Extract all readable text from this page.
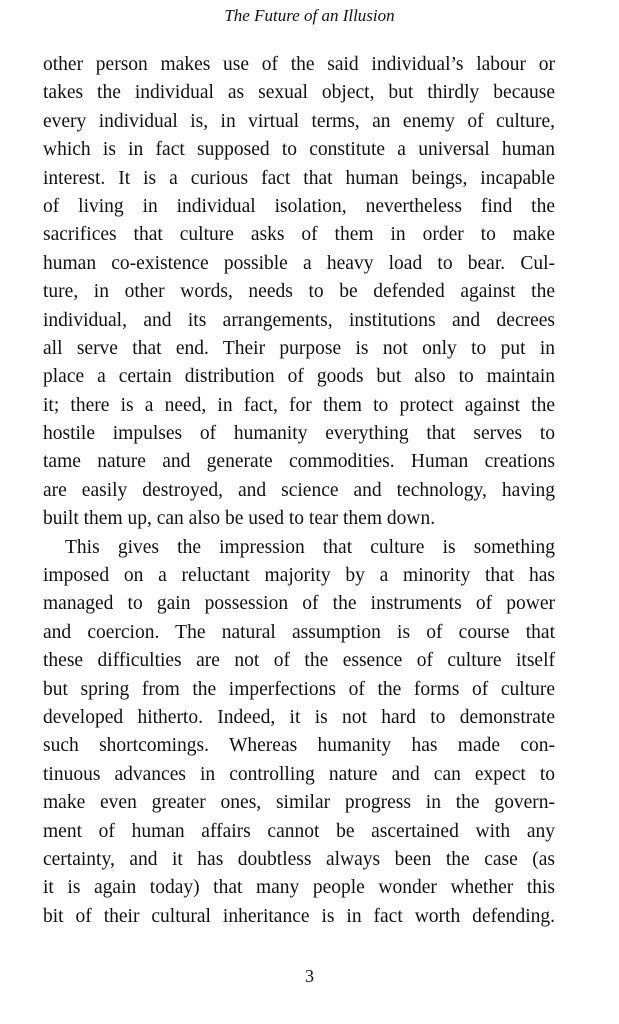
The Future of an Illusion
other person makes use of the said individual’s labour or
takes the individual as sexual object, but thirdly because
every individual is, in virtual terms, an enemy of culture,
which is in fact supposed to constitute a universal human
interest. It is a curious fact that human beings, incapable
of living in individual isolation, nevertheless find the
sacrifices that culture asks of them in order to make
human co-existence possible a heavy load to bear. Cul-
ture, in other words, needs to be defended against the
individual, and its arrangements, institutions and decrees
all serve that end. Their purpose is not only to put in
place a certain distribution of goods but also to maintain
it; there is a need, in fact, for them to protect against the
hostile impulses of humanity everything that serves to
tame nature and generate commodities. Human creations
are easily destroyed, and science and technology, having
built them up, can also be used to tear them down.
This gives the impression that culture is something
imposed on a reluctant majority by a minority that has
managed to gain possession of the instruments of power
and coercion. The natural assumption is of course that
these difficulties are not of the essence of culture itself
but spring from the imperfections of the forms of culture
developed hitherto. Indeed, it is not hard to demonstrate
such shortcomings. Whereas humanity has made con-
tinuous advances in controlling nature and can expect to
make even greater ones, similar progress in the govern-
ment of human affairs cannot be ascertained with any
certainty, and it has doubtless always been the case (as
it is again today) that many people wonder whether this
bit of their cultural inheritance is in fact worth defending.
3
